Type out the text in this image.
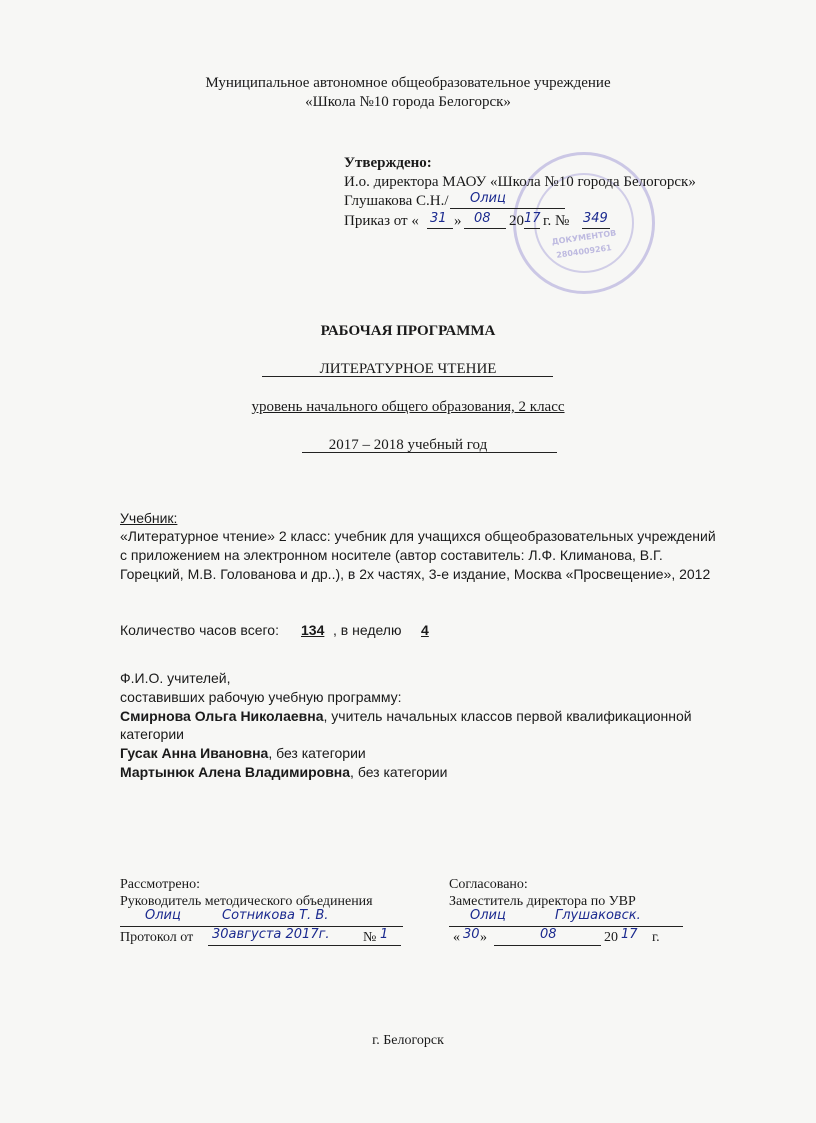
Муниципальное автономное общеобразовательное учреждение
«Школа №10 города Белогорск»
ДОКУМЕНТОВ
2804009261
Утверждено:
И.о. директора МАОУ «Школа №10 города Белогорск»
Глушакова С.Н./ Олиц
Приказ от « 31 » 08 20 17 г. № 349
РАБОЧАЯ ПРОГРАММА
ЛИТЕРАТУРНОЕ ЧТЕНИЕ
уровень начального общего образования, 2 класс
2017 – 2018 учебный год
Учебник:
«Литературное чтение» 2 класс: учебник для учащихся общеобразовательных учреждений
с приложением на электронном носителе (автор составитель: Л.Ф. Климанова, В.Г.
Горецкий, М.В. Голованова и др..), в 2х частях, 3-е издание, Москва «Просвещение», 2012
Количество часов всего: 134 , в неделю 4
Ф.И.О. учителей,
составивших рабочую учебную программу:
Смирнова Ольга Николаевна, учитель начальных классов первой квалификационной
категории
Гусак Анна Ивановна, без категории
Мартынюк Алена Владимировна, без категории
Рассмотрено:
Руководитель методического объединения
Олиц	Сотникова Т. В.
Протокол от 30августа 2017г. № 1
Согласовано:
Заместитель директора по УВР
Олиц	Глушаковск.
« 30 »	08	20 17 г.
г. Белогорск
